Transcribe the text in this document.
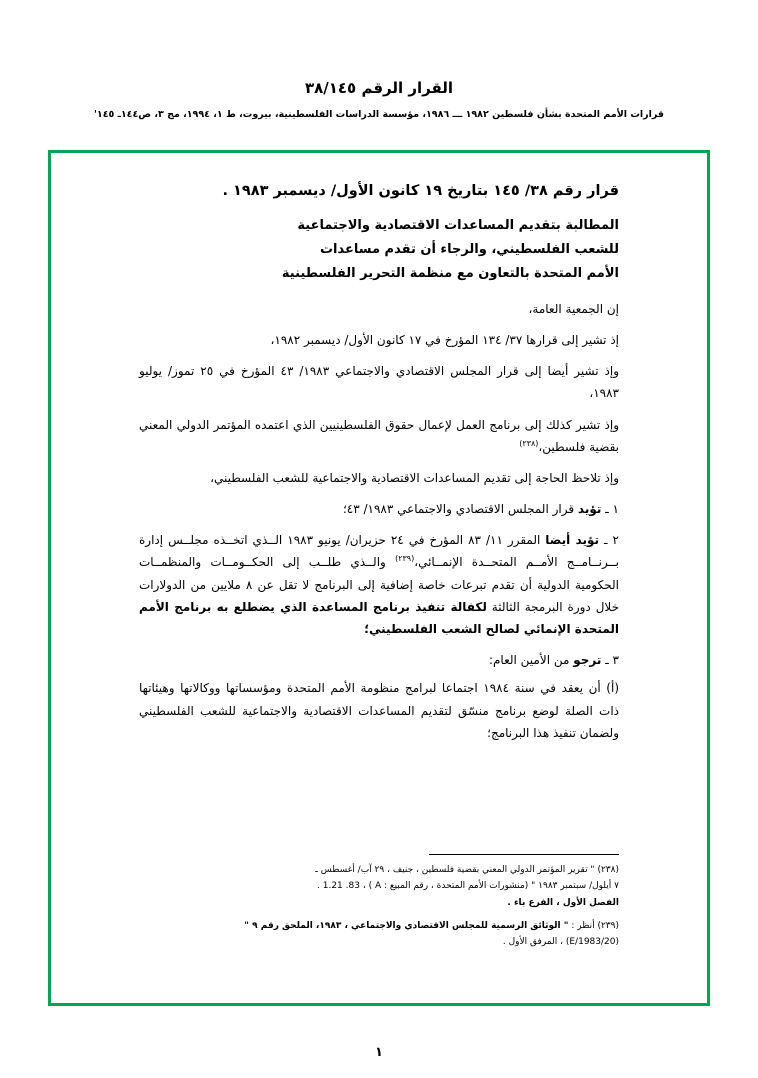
القرار الرقم ٣٨/١٤٥
قرارات الأمم المتحدة بشأن فلسطين ١٩٨٢ ـــ ١٩٨٦، مؤسسة الدراسات الفلسطينية، بيروت، ط ١، ١٩٩٤، مج ٣، ص١٤٤ـ ١٤٥'
قرار رقم ٣٨/ ١٤٥ بتاريخ ١٩ كانون الأول/ ديسمبر ١٩٨٣ .
المطالبة بتقديم المساعدات الاقتصادية والاجتماعية
للشعب الفلسطيني، والرجاء أن تقدم مساعدات
الأمم المتحدة بالتعاون مع منظمة التحرير الفلسطينية
إن الجمعية العامة،
إذ تشير إلى قرارها ٣٧/ ١٣٤ المؤرخ في ١٧ كانون الأول/ ديسمبر ١٩٨٢،
وإذ تشير أيضا إلى قرار المجلس الاقتصادي والاجتماعي ١٩٨٣/ ٤٣ المؤرخ في ٢٥ تموز/ يوليو ١٩٨٣،
وإذ تشير كذلك إلى برنامج العمل لإعمال حقوق الفلسطينيين الذي اعتمده المؤتمر الدولي المعني بقضية فلسطين،$^{(٢٣٨)}$
وإذ تلاحظ الحاجة إلى تقديم المساعدات الاقتصادية والاجتماعية للشعب الفلسطيني،
١ ـ تؤيد قرار المجلس الاقتصادي والاجتماعي ١٩٨٣/ ٤٣؛
٢ ـ تؤيد أيضا المقرر ١١/ ٨٣ المؤرخ في ٢٤ حزيران/ يونيو ١٩٨٣ الــذي اتخــذه مجلــس إدارة بــرنــامــج الأمــم المتحــدة الإنمــائي،$^{(٢٣٩)}$ والــذي طلــب إلى الحكــومــات والمنظمــات الحكومية الدولية أن تقدم تبرعات خاصة إضافية إلى البرنامج لا تقل عن ٨ ملايين من الدولارات خلال دورة البرمجة الثالثة لكفالة تنفيذ برنامج المساعدة الذي يضطلع به برنامج الأمم المتحدة الإنمائي لصالح الشعب الفلسطيني؛
٣ ـ ترجو من الأمين العام:
(أ) أن يعقد في سنة ١٩٨٤ اجتماعا لبرامج منظومة الأمم المتحدة ومؤسساتها ووكالاتها وهيئاتها ذات الصلة لوضع برنامج منسّق لتقديم المساعدات الاقتصادية والاجتماعية للشعب الفلسطيني ولضمان تنفيذ هذا البرنامج؛
(٢٣٨) " تقرير المؤتمر الدولي المعني بقضية فلسطين ، جنيف ، ٢٩ آب/ أغسطس ـ
٧ أيلول/ سبتمبر ١٩٨٣ " (منشورات الأمم المتحدة ، رقم المبيع : A ) ، 1.21 .83 .
الفصل الأول ، الفرع باء .
(٢٣٩) أنظر : " الوثائق الرسمية للمجلس الاقتصادي والاجتماعي ، ١٩٨٣، الملحق رقم ٩ "
(E/1983/20) ، المرفق الأول .
١
